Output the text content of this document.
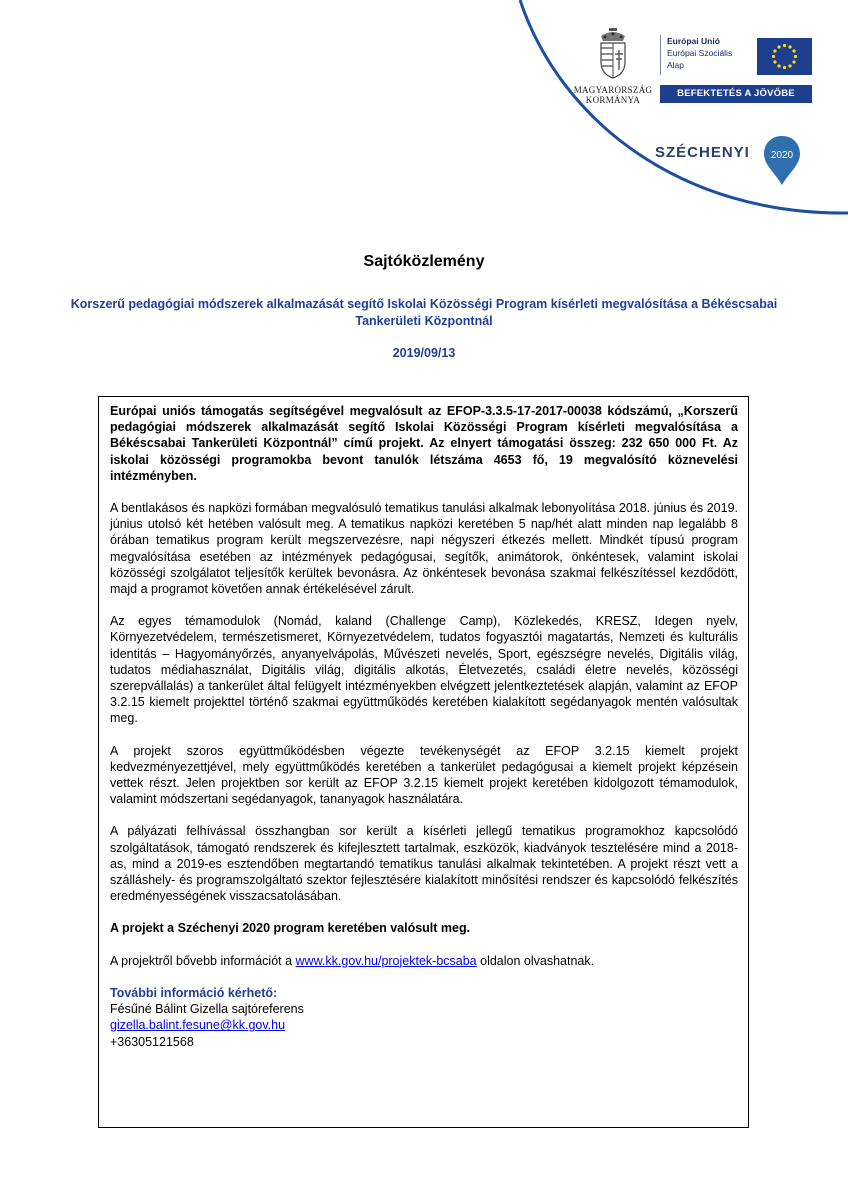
MAGYARORSZÁG
KORMÁNYA
Európai Unió
Európai Szociális
Alap
BEFEKTETÉS A JÖVŐBE
SZÉCHENYI 2020
Sajtóközlemény
Korszerű pedagógiai módszerek alkalmazását segítő Iskolai Közösségi Program kísérleti megvalósítása a Békéscsabai Tankerületi Központnál
2019/09/13

Európai uniós támogatás segítségével megvalósult az EFOP-3.3.5-17-2017-00038 kódszámú, „Korszerű pedagógiai módszerek alkalmazását segítő Iskolai Közösségi Program kísérleti megvalósítása a Békéscsabai Tankerületi Központnál” című projekt. Az elnyert támogatási összeg: 232 650 000 Ft. Az iskolai közösségi programokba bevont tanulók létszáma 4653 fő, 19 megvalósító köznevelési intézményben.

A bentlakásos és napközi formában megvalósuló tematikus tanulási alkalmak lebonyolítása 2018. június és 2019. június utolsó két hetében valósult meg. A tematikus napközi keretében 5 nap/hét alatt minden nap legalább 8 órában tematikus program került megszervezésre, napi négyszeri étkezés mellett. Mindkét típusú program megvalósítása esetében az intézmények pedagógusai, segítők, animátorok, önkéntesek, valamint iskolai közösségi szolgálatot teljesítők kerültek bevonásra. Az önkéntesek bevonása szakmai felkészítéssel kezdődött, majd a programot követően annak értékelésével zárult.

Az egyes témamodulok (Nomád, kaland (Challenge Camp), Közlekedés, KRESZ, Idegen nyelv, Környezetvédelem, természetismeret, Környezetvédelem, tudatos fogyasztói magatartás, Nemzeti és kulturális identitás – Hagyományőrzés, anyanyelvápolás, Művészeti nevelés, Sport, egészségre nevelés, Digitális világ, tudatos médiahasználat, Digitális világ, digitális alkotás, Életvezetés, családi életre nevelés, közösségi szerepvállalás) a tankerület által felügyelt intézményekben elvégzett jelentkeztetések alapján, valamint az EFOP 3.2.15 kiemelt projekttel történő szakmai együttműködés keretében kialakított segédanyagok mentén valósultak meg.

A projekt szoros együttműködésben végezte tevékenységét az EFOP 3.2.15 kiemelt projekt kedvezményezettjével, mely együttműködés keretében a tankerület pedagógusai a kiemelt projekt képzésein vettek részt. Jelen projektben sor került az EFOP 3.2.15 kiemelt projekt keretében kidolgozott témamodulok, valamint módszertani segédanyagok, tananyagok használatára.

A pályázati felhívással összhangban sor került a kísérleti jellegű tematikus programokhoz kapcsolódó szolgáltatások, támogató rendszerek és kifejlesztett tartalmak, eszközök, kiadványok tesztelésére mind a 2018-as, mind a 2019-es esztendőben megtartandó tematikus tanulási alkalmak tekintetében. A projekt részt vett a szálláshely- és programszolgáltató szektor fejlesztésére kialakított minősítési rendszer és kapcsolódó felkészítés eredményességének visszacsatolásában.

A projekt a Széchenyi 2020 program keretében valósult meg.

A projektről bővebb információt a www.kk.gov.hu/projektek-bcsaba oldalon olvashatnak.

További információ kérhető:

Fésűné Bálint Gizella sajtóreferens

gizella.balint.fesune@kk.gov.hu

+36305121568
